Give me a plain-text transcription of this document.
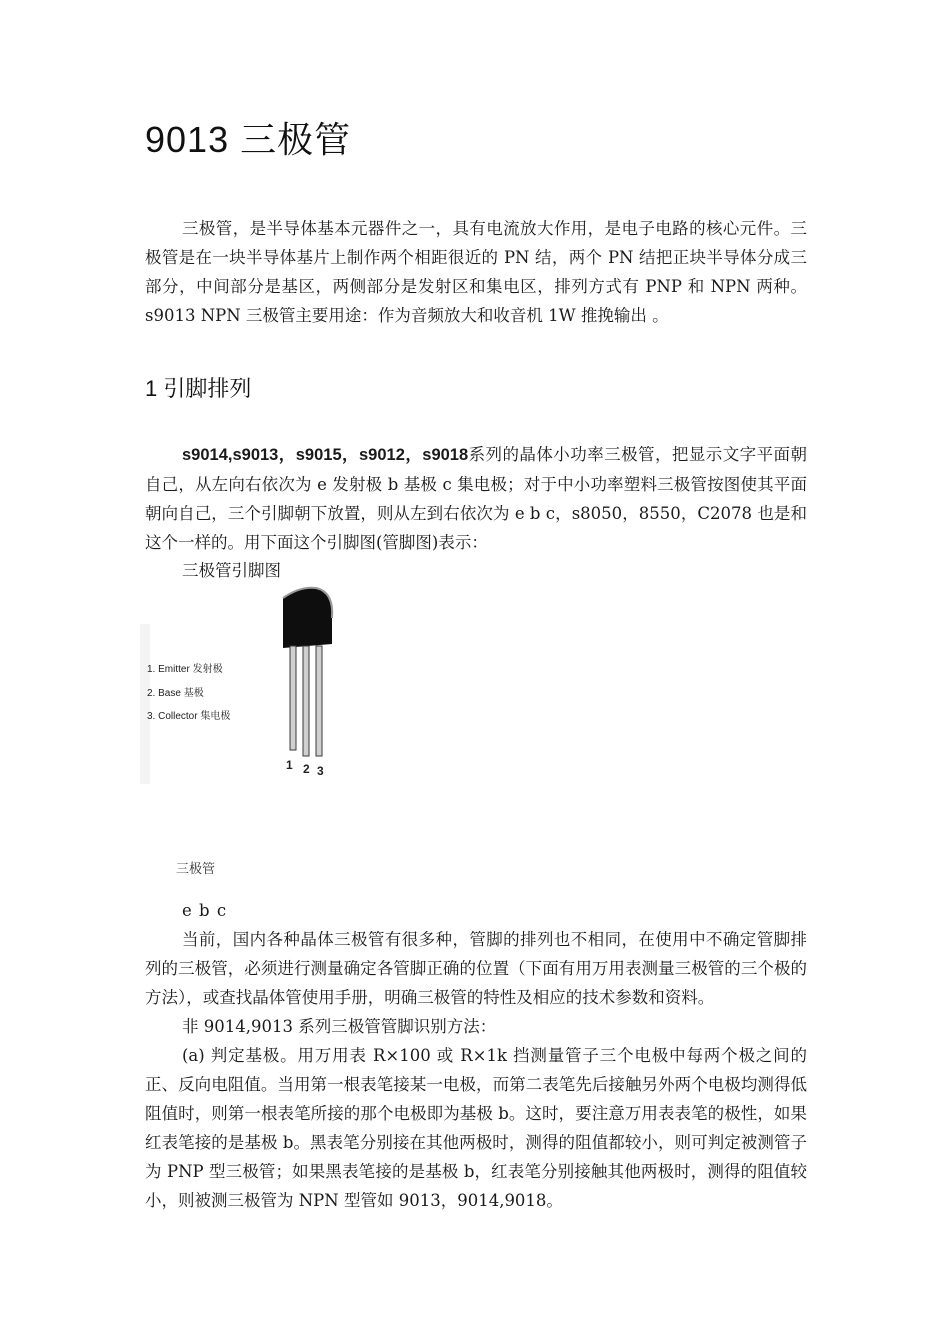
9013 三极管

三极管，是半导体基本元器件之一，具有电流放大作用，是电子电路的核心元件。三极管是在一块半导体基片上制作两个相距很近的 PN 结，两个 PN 结把正块半导体分成三部分，中间部分是基区，两侧部分是发射区和集电区，排列方式有 PNP 和 NPN 两种。s9013 NPN 三极管主要用途：作为音频放大和收音机 1W 推挽输出 。

1 引脚排列

s9014,s9013，s9015，s9012，s9018系列的晶体小功率三极管，把显示文字平面朝自己，从左向右依次为 e 发射极 b 基极 c 集电极；对于中小功率塑料三极管按图使其平面朝向自己，三个引脚朝下放置，则从左到右依次为 e b c，s8050，8550，C2078 也是和这个一样的。用下面这个引脚图(管脚图)表示：

三极管引脚图
1. Emitter 发射极
2. Base 基极
3. Collector 集电极
1 2 3
三极管
e b c

当前，国内各种晶体三极管有很多种，管脚的排列也不相同，在使用中不确定管脚排列的三极管，必须进行测量确定各管脚正确的位置（下面有用万用表测量三极管的三个极的方法），或查找晶体管使用手册，明确三极管的特性及相应的技术参数和资料。

非 9014,9013 系列三极管管脚识别方法：

(a) 判定基极。用万用表 R×100 或 R×1k 挡测量管子三个电极中每两个极之间的正、反向电阻值。当用第一根表笔接某一电极，而第二表笔先后接触另外两个电极均测得低阻值时，则第一根表笔所接的那个电极即为基极 b。这时，要注意万用表表笔的极性，如果红表笔接的是基极 b。黑表笔分别接在其他两极时，测得的阻值都较小，则可判定被测管子为 PNP 型三极管；如果黑表笔接的是基极 b，红表笔分别接触其他两极时，测得的阻值较小，则被测三极管为 NPN 型管如 9013，9014,9018。
